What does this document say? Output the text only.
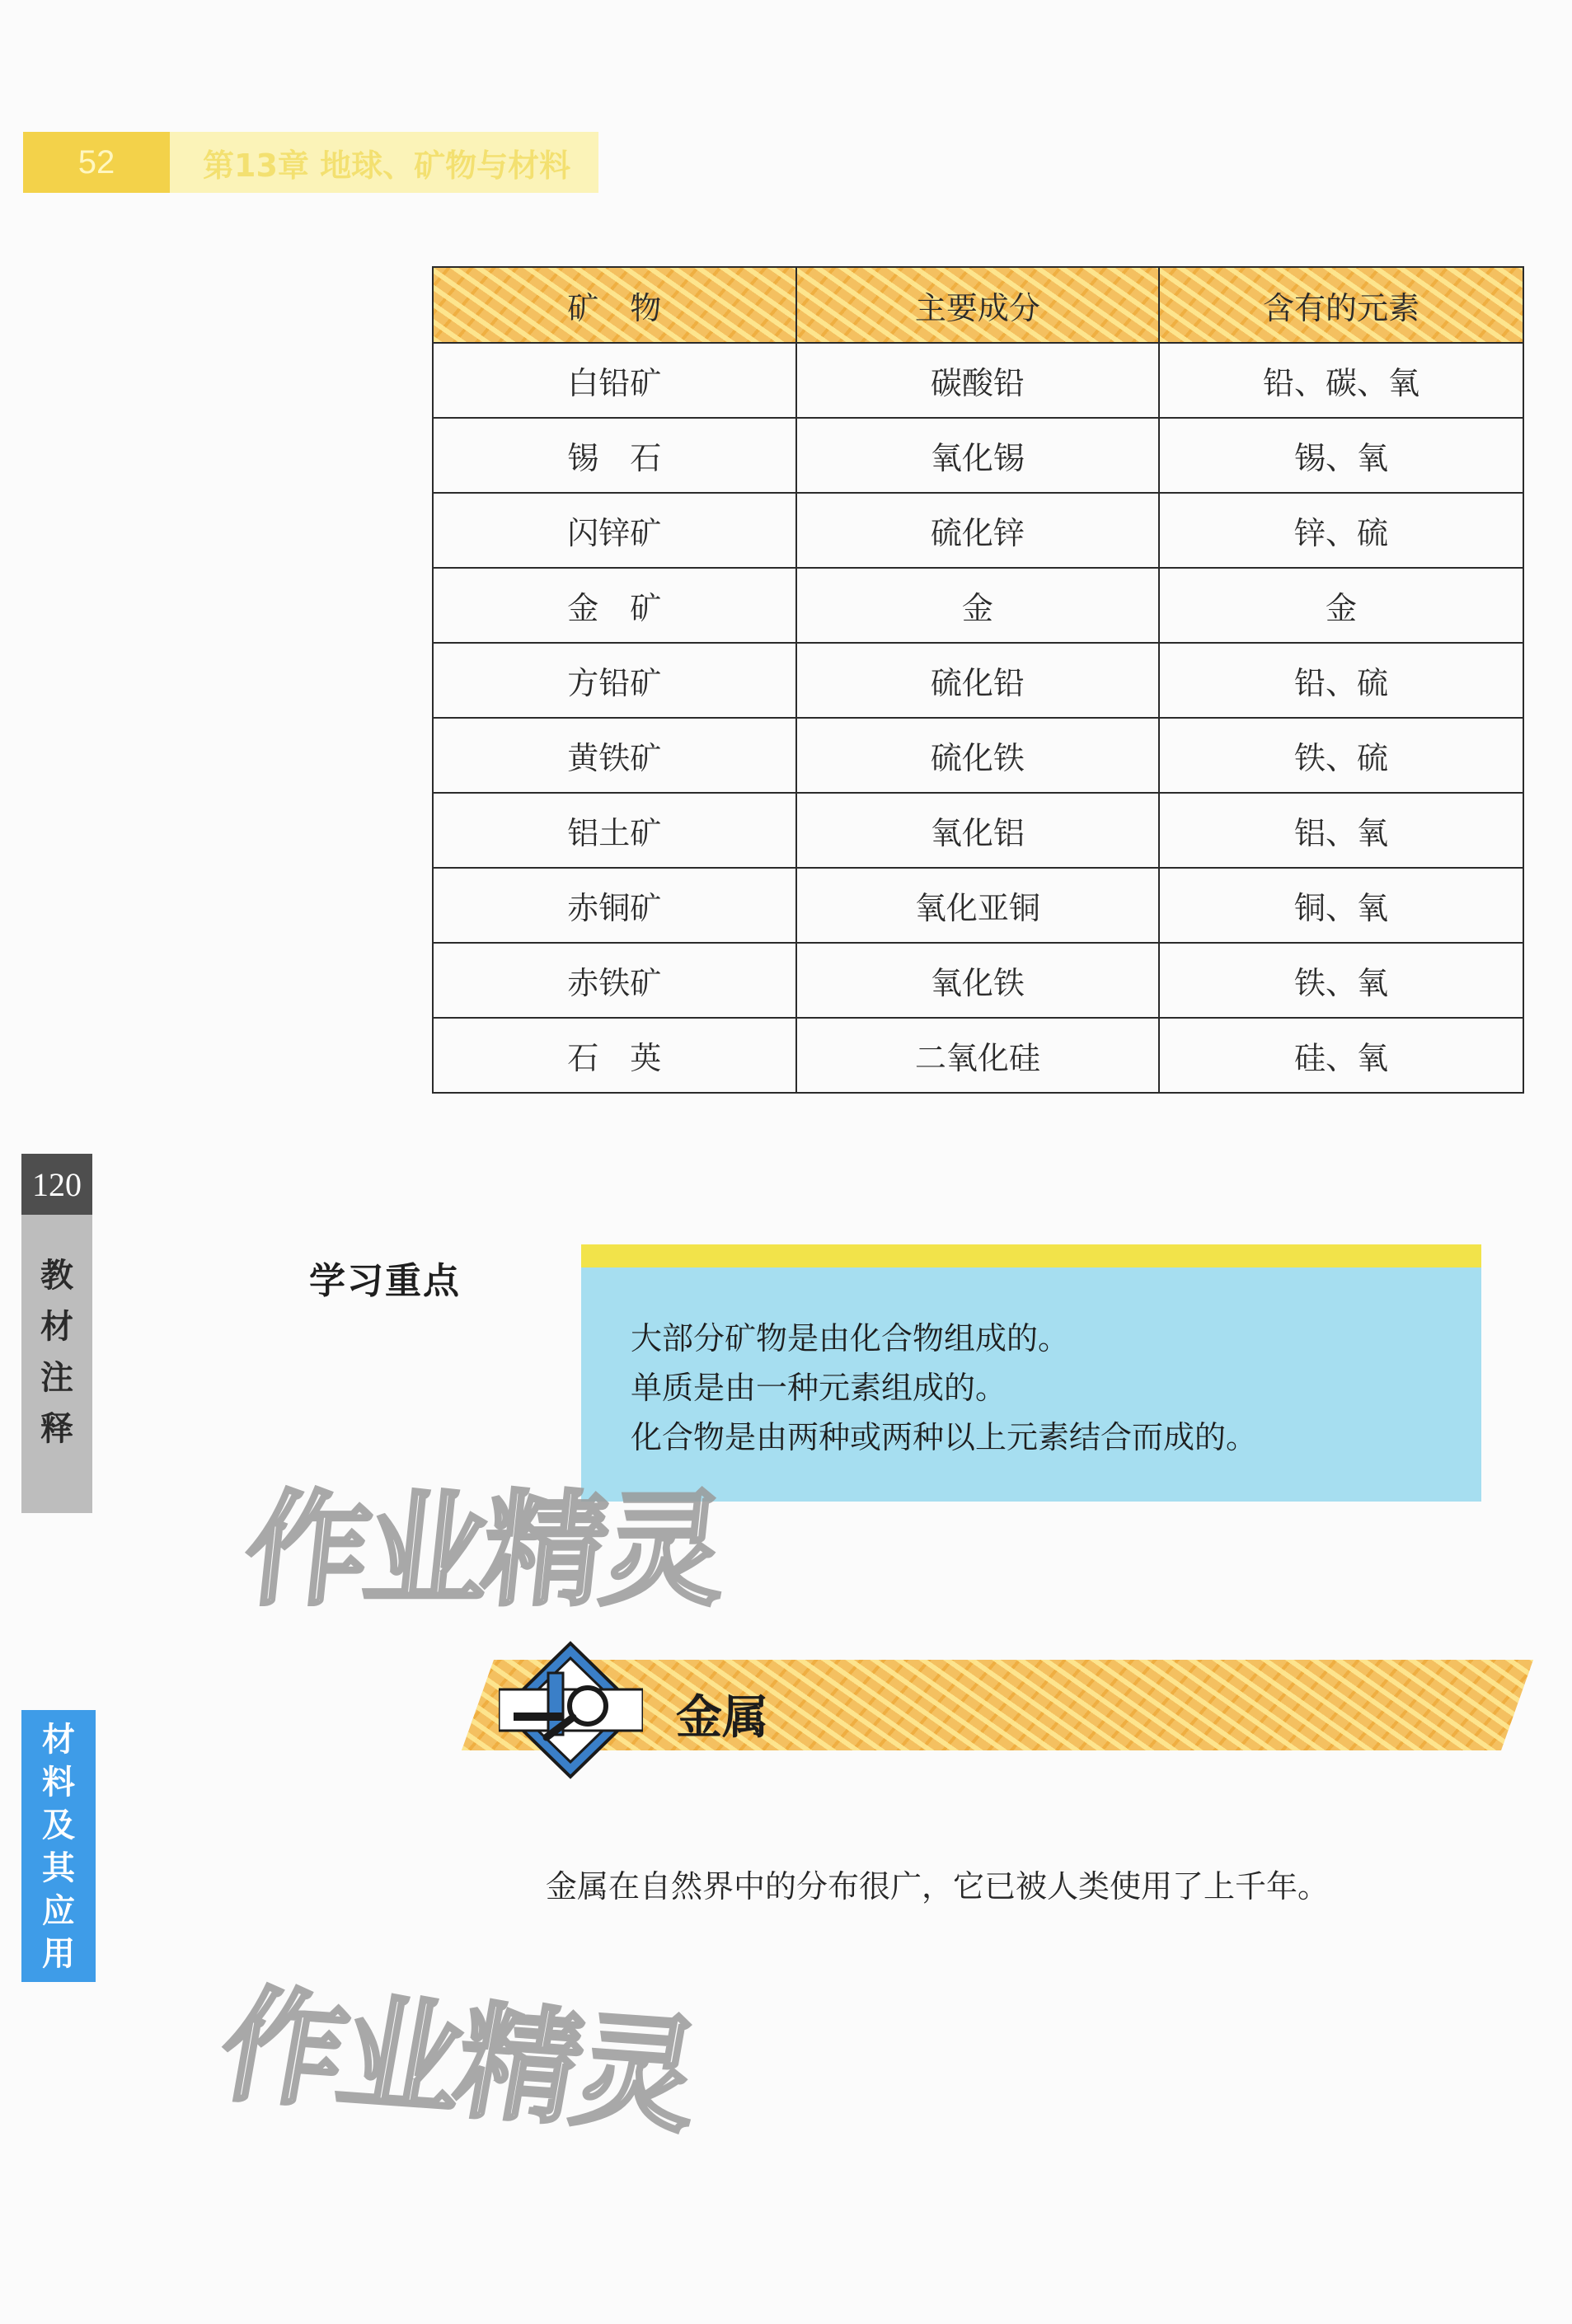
52	第13章 地球、矿物与材料
矿　物	主要成分	含有的元素
白铅矿	碳酸铅	铅、碳、氧
锡　石	氧化锡	锡、氧
闪锌矿	硫化锌	锌、硫
金　矿	金	金
方铅矿	硫化铅	铅、硫
黄铁矿	硫化铁	铁、硫
铝土矿	氧化铝	铝、氧
赤铜矿	氧化亚铜	铜、氧
赤铁矿	氧化铁	铁、氧
石　英	二氧化硅	硅、氧
120
教
材
注
释
材
料
及
其
应
用
学习重点
大部分矿物是由化合物组成的。
单质是由一种元素组成的。
化合物是由两种或两种以上元素结合而成的。
作业精灵
作业精灵
金属
金属在自然界中的分布很广，它已被人类使用了上千年。
